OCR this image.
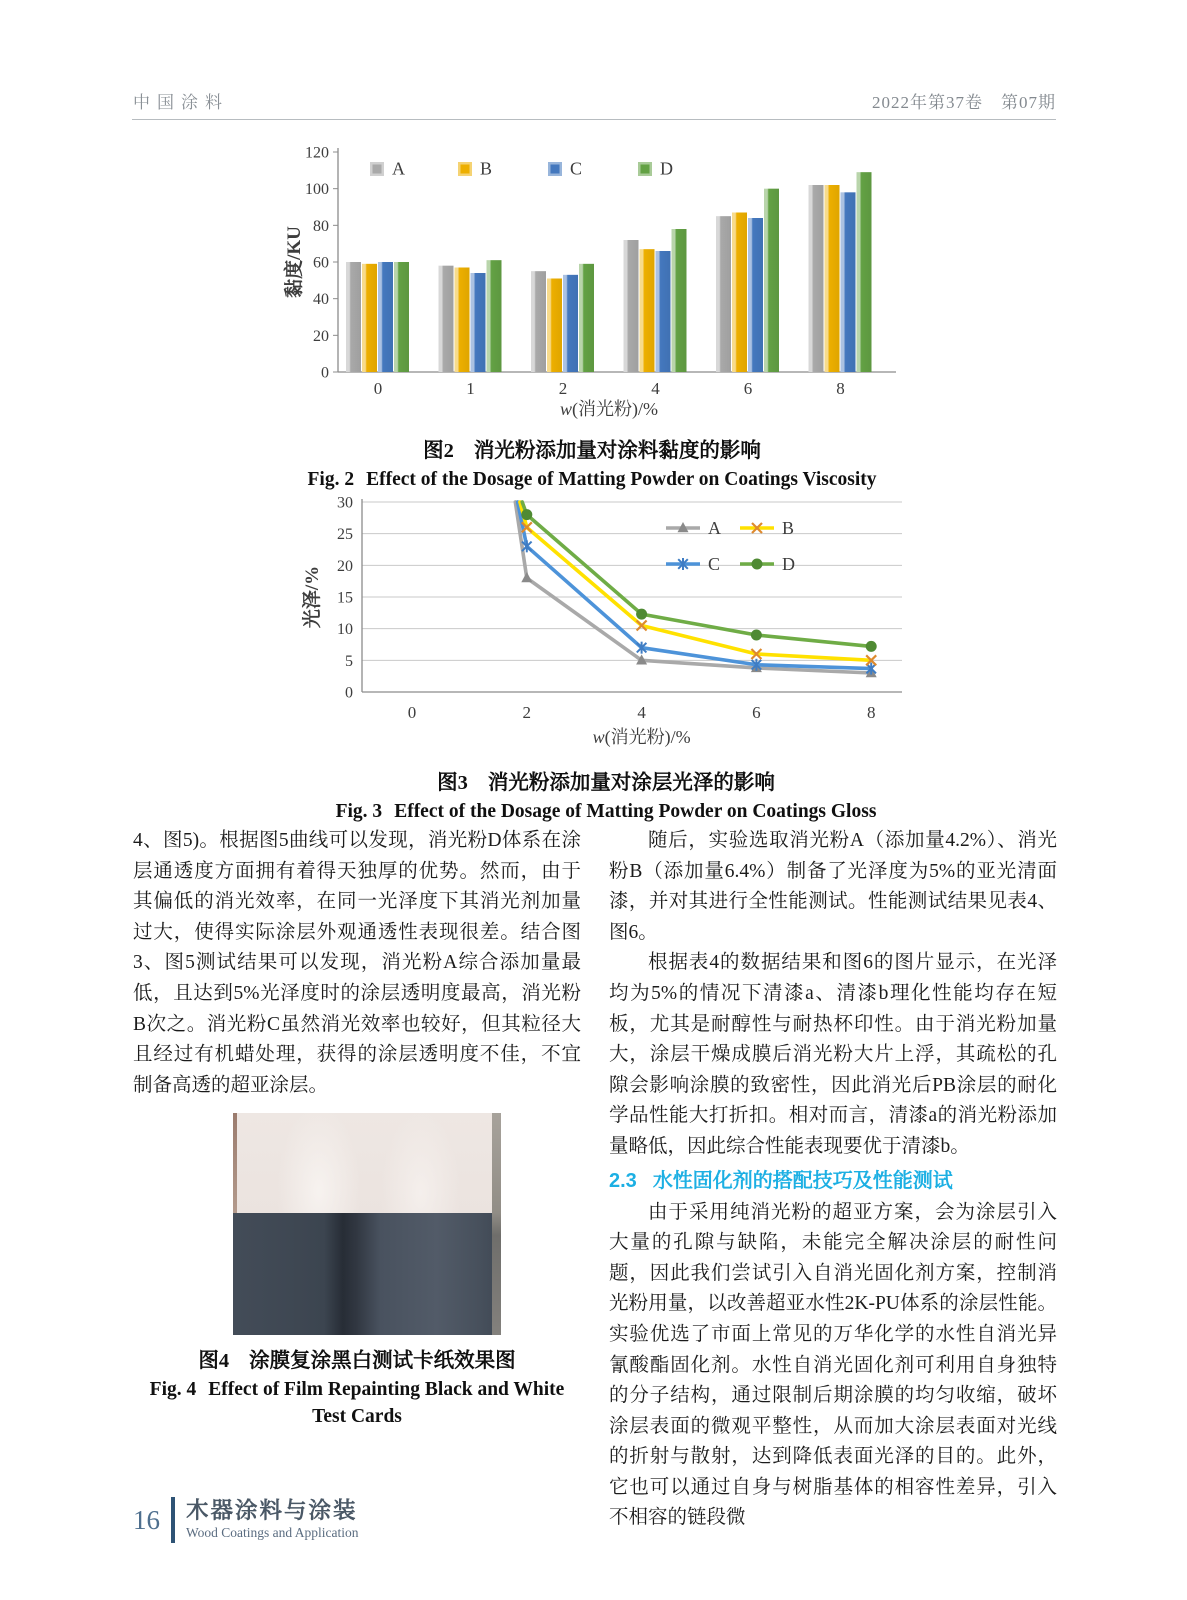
中国涂料	2022年第37卷　第07期
0
20
40
60
80
100
120
0	1	2	4	6	8
w(消光粉)/%
黏度/KU
A	B	C	D
图2 消光粉添加量对涂料黏度的影响
Fig. 2 Effect of the Dosage of Matting Powder on Coatings Viscosity
0
5
10
15
20
25
30
0	2	4	6	8
w(消光粉)/%
光泽/%
A	B
C	D
图3 消光粉添加量对涂层光泽的影响
Fig. 3 Effect of the Dosage of Matting Powder on Coatings Gloss

4、图5)。根据图5曲线可以发现，消光粉D体系在涂层通透度方面拥有着得天独厚的优势。然而，由于其偏低的消光效率，在同一光泽度下其消光剂加量过大，使得实际涂层外观通透性表现很差。结合图3、图5测试结果可以发现，消光粉A综合添加量最低，且达到5%光泽度时的涂层透明度最高，消光粉B次之。消光粉C虽然消光效率也较好，但其粒径大且经过有机蜡处理，获得的涂层透明度不佳，不宜制备高透的超亚涂层。

图4 涂膜复涂黑白测试卡纸效果图
Fig. 4 Effect of Film Repainting Black and White Test Cards

随后，实验选取消光粉A（添加量4.2%）、消光粉B（添加量6.4%）制备了光泽度为5%的亚光清面漆，并对其进行全性能测试。性能测试结果见表4、图6。

根据表4的数据结果和图6的图片显示，在光泽均为5%的情况下清漆a、清漆b理化性能均存在短板，尤其是耐醇性与耐热杯印性。由于消光粉加量大，涂层干燥成膜后消光粉大片上浮，其疏松的孔隙会影响涂膜的致密性，因此消光后PB涂层的耐化学品性能大打折扣。相对而言，清漆a的消光粉添加量略低，因此综合性能表现要优于清漆b。

2.3 水性固化剂的搭配技巧及性能测试

由于采用纯消光粉的超亚方案，会为涂层引入大量的孔隙与缺陷，未能完全解决涂层的耐性问题，因此我们尝试引入自消光固化剂方案，控制消光粉用量，以改善超亚水性2K-PU体系的涂层性能。实验优选了市面上常见的万华化学的水性自消光异氰酸酯固化剂。水性自消光固化剂可利用自身独特的分子结构，通过限制后期涂膜的均匀收缩，破坏涂层表面的微观平整性，从而加大涂层表面对光线的折射与散射，达到降低表面光泽的目的。此外，它也可以通过自身与树脂基体的相容性差异，引入不相容的链段微

16 木器涂料与涂装
Wood Coatings and Application
